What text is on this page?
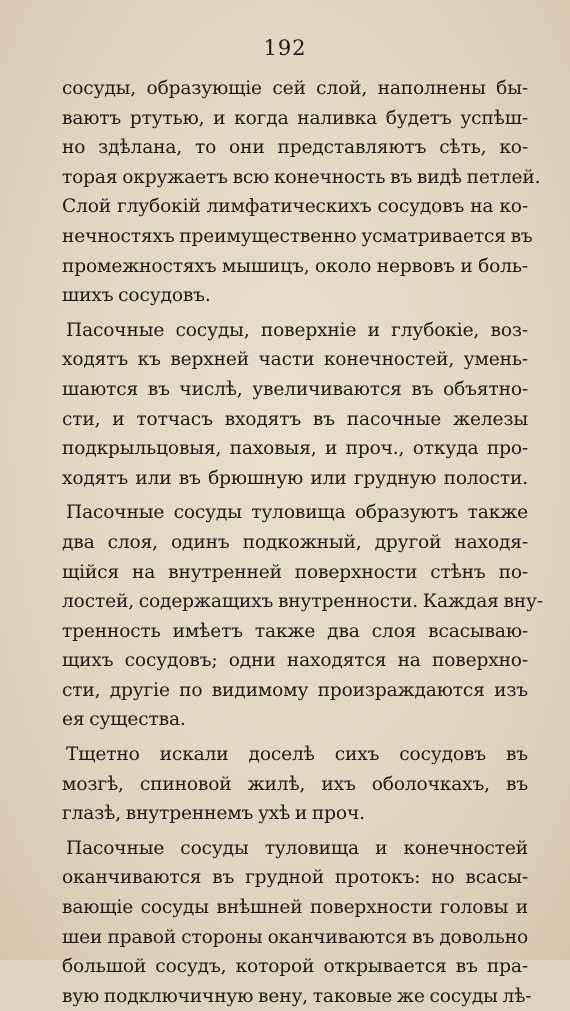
192
сосуды, образующіе сей слой, наполнены бы-
ваютъ ртутью, и когда наливка будетъ успѣш-
но здѣлана, то они представляютъ сѣть, ко-
торая окружаетъ всю конечность въ видѣ петлей.
Слой глубокій лимфатическихъ сосудовъ на ко-
нечностяхъ преимущественно усматривается въ
промежностяхъ мышицъ, около нервовъ и боль-
шихъ сосудовъ.
Пасочные сосуды, поверхніе и глубокіе, воз-
ходятъ къ верхней части конечностей, умень-
шаются въ числѣ, увеличиваются въ объятно-
сти, и тотчасъ входятъ въ пасочные железы
подкрыльцовыя, паховыя, и проч., откуда про-
ходятъ или въ брюшную или грудную полости.
Пасочные сосуды туловища образуютъ также
два слоя, одинъ подкожный, другой находя-
щійся на внутренней поверхности стѣнъ по-
лостей, содержащихъ внутренности. Каждая вну-
тренность имѣетъ также два слоя всасываю-
щихъ сосудовъ; одни находятся на поверхно-
сти, другіе по видимому произраждаются изъ
ея существа.
Тщетно искали доселѣ сихъ сосудовъ въ
мозгѣ, спиновой жилѣ, ихъ оболочкахъ, въ
глазѣ, внутреннемъ ухѣ и проч.
Пасочные сосуды туловища и конечностей
оканчиваются въ грудной протокъ: но всасы-
вающіе сосуды внѣшней поверхности головы и
шеи правой стороны оканчиваются въ довольно
большой сосудъ, которой открывается въ пра-
вую подключичную вену, таковые же сосуды лѣ-
